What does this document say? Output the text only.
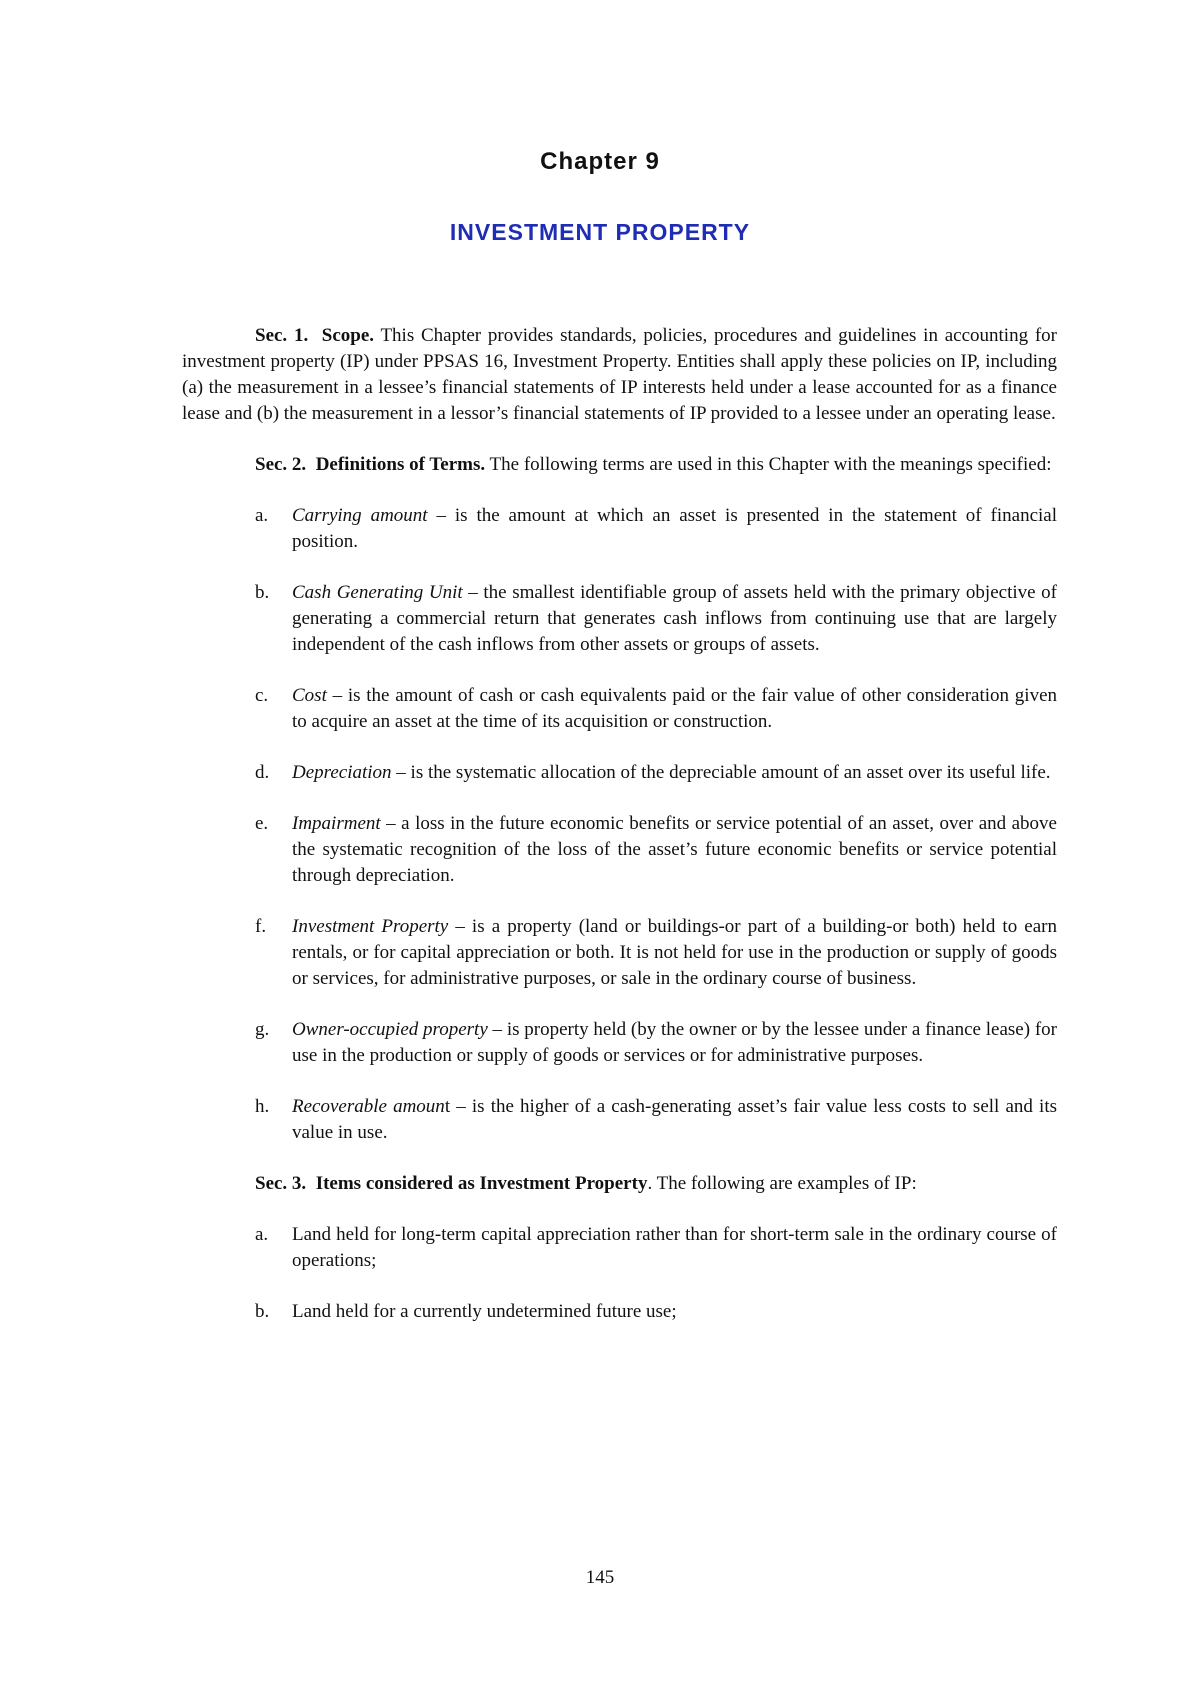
Chapter 9
INVESTMENT PROPERTY

Sec. 1. Scope. This Chapter provides standards, policies, procedures and guidelines in accounting for investment property (IP) under PPSAS 16, Investment Property. Entities shall apply these policies on IP, including (a) the measurement in a lessee’s financial statements of IP interests held under a lease accounted for as a finance lease and (b) the measurement in a lessor’s financial statements of IP provided to a lessee under an operating lease.

Sec. 2. Definitions of Terms. The following terms are used in this Chapter with the meanings specified:

a. Carrying amount – is the amount at which an asset is presented in the statement of financial position.
b. Cash Generating Unit – the smallest identifiable group of assets held with the primary objective of generating a commercial return that generates cash inflows from continuing use that are largely independent of the cash inflows from other assets or groups of assets.
c. Cost – is the amount of cash or cash equivalents paid or the fair value of other consideration given to acquire an asset at the time of its acquisition or construction.
d. Depreciation – is the systematic allocation of the depreciable amount of an asset over its useful life.
e. Impairment – a loss in the future economic benefits or service potential of an asset, over and above the systematic recognition of the loss of the asset’s future economic benefits or service potential through depreciation.
f. Investment Property – is a property (land or buildings-or part of a building-or both) held to earn rentals, or for capital appreciation or both. It is not held for use in the production or supply of goods or services, for administrative purposes, or sale in the ordinary course of business.
g. Owner-occupied property – is property held (by the owner or by the lessee under a finance lease) for use in the production or supply of goods or services or for administrative purposes.
h. Recoverable amount – is the higher of a cash-generating asset’s fair value less costs to sell and its value in use.

Sec. 3. Items considered as Investment Property. The following are examples of IP:

a. Land held for long-term capital appreciation rather than for short-term sale in the ordinary course of operations;
b. Land held for a currently undetermined future use;
145
